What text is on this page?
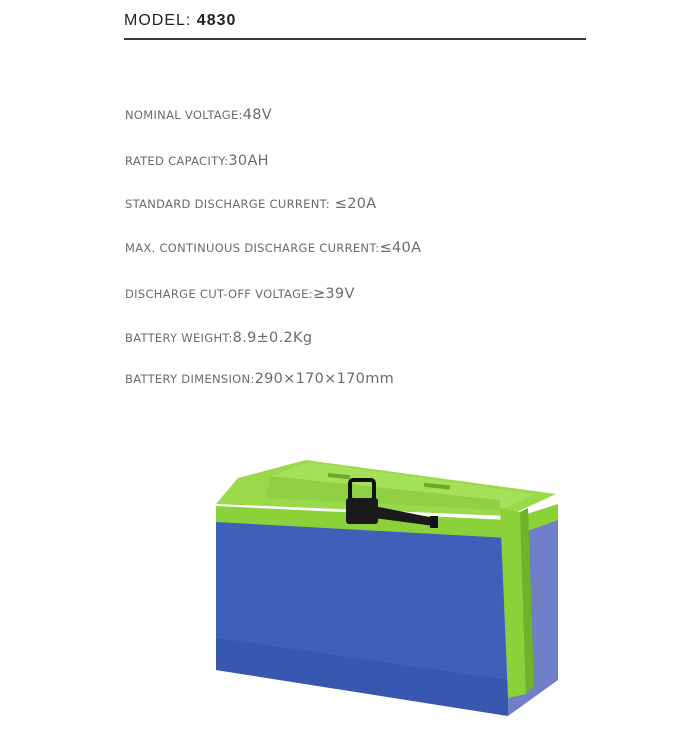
MODEL: 4830
NOMINAL VOLTAGE:48V
RATED CAPACITY:30AH
STANDARD DISCHARGE CURRENT: ≤20A
MAX. CONTINUOUS DISCHARGE CURRENT:≤40A
DISCHARGE CUT-OFF VOLTAGE:≥39V
BATTERY WEIGHT:8.9±0.2Kg
BATTERY DIMENSION:290×170×170mm
